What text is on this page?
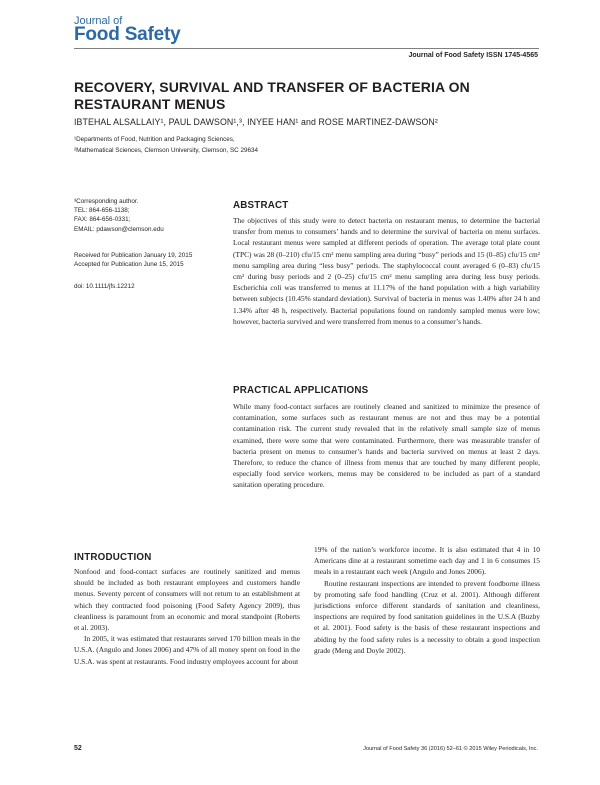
Journal of
Food Safety
Journal of Food Safety ISSN 1745-4565
RECOVERY, SURVIVAL AND TRANSFER OF BACTERIA ON RESTAURANT MENUS
IBTEHAL ALSALLAIY¹, PAUL DAWSON¹,³, INYEE HAN¹ and ROSE MARTINEZ-DAWSON²
¹Departments of Food, Nutrition and Packaging Sciences,
²Mathematical Sciences, Clemson University, Clemson, SC 29634
³Corresponding author.
TEL: 864-656-1138;
FAX: 864-656-0331;
EMAIL: pdawson@clemson.edu
Received for Publication January 19, 2015
Accepted for Publication June 15, 2015
doi: 10.1111/jfs.12212
ABSTRACT
The objectives of this study were to detect bacteria on restaurant menus, to determine the bacterial transfer from menus to consumers’ hands and to determine the survival of bacteria on menu surfaces. Local restaurant menus were sampled at different periods of operation. The average total plate count (TPC) was 28 (0–210) cfu/15 cm² menu sampling area during “busy” periods and 15 (0–85) cfu/15 cm² menu sampling area during “less busy” periods. The staphylococcal count averaged 6 (0–83) cfu/15 cm² during busy periods and 2 (0–25) cfu/15 cm² menu sampling area during less busy periods. Escherichia coli was transferred to menus at 11.17% of the hand population with a high variability between subjects (10.45% standard deviation). Survival of bacteria in menus was 1.40% after 24 h and 1.34% after 48 h, respectively. Bacterial populations found on randomly sampled menus were low; however, bacteria survived and were transferred from menus to a consumer’s hands.
PRACTICAL APPLICATIONS
While many food-contact surfaces are routinely cleaned and sanitized to minimize the presence of contamination, some surfaces such as restaurant menus are not and thus may be a potential contamination risk. The current study revealed that in the relatively small sample size of menus examined, there were some that were contaminated. Furthermore, there was measurable transfer of bacteria present on menus to consumer’s hands and bacteria survived on menus at least 2 days. Therefore, to reduce the chance of illness from menus that are touched by many different people, especially food service workers, menus may be considered to be included as part of a standard sanitation operating procedure.
INTRODUCTION

Nonfood and food-contact surfaces are routinely sanitized and menus should be included as both restaurant employees and customers handle menus. Seventy percent of consumers will not return to an establishment at which they contracted food poisoning (Food Safety Agency 2009), thus cleanliness is paramount from an economic and moral standpoint (Roberts et al. 2003).

In 2005, it was estimated that restaurants served 170 billion meals in the U.S.A. (Angulo and Jones 2006) and 47% of all money spent on food in the U.S.A. was spent at restaurants. Food industry employees account for about

19% of the nation’s workforce income. It is also estimated that 4 in 10 Americans dine at a restaurant sometime each day and 1 in 6 consumes 15 meals in a restaurant each week (Angulo and Jones 2006).

Routine restaurant inspections are intended to prevent foodborne illness by promoting safe food handling (Cruz et al. 2001). Although different jurisdictions enforce different standards of sanitation and cleanliness, inspections are required by food sanitation guidelines in the U.S.A (Buzby et al. 2001). Food safety is the basis of these restaurant inspections and abiding by the food safety rules is a necessity to obtain a good inspection grade (Meng and Doyle 2002).

52	Journal of Food Safety 36 (2016) 52–61 © 2015 Wiley Periodicals, Inc.
